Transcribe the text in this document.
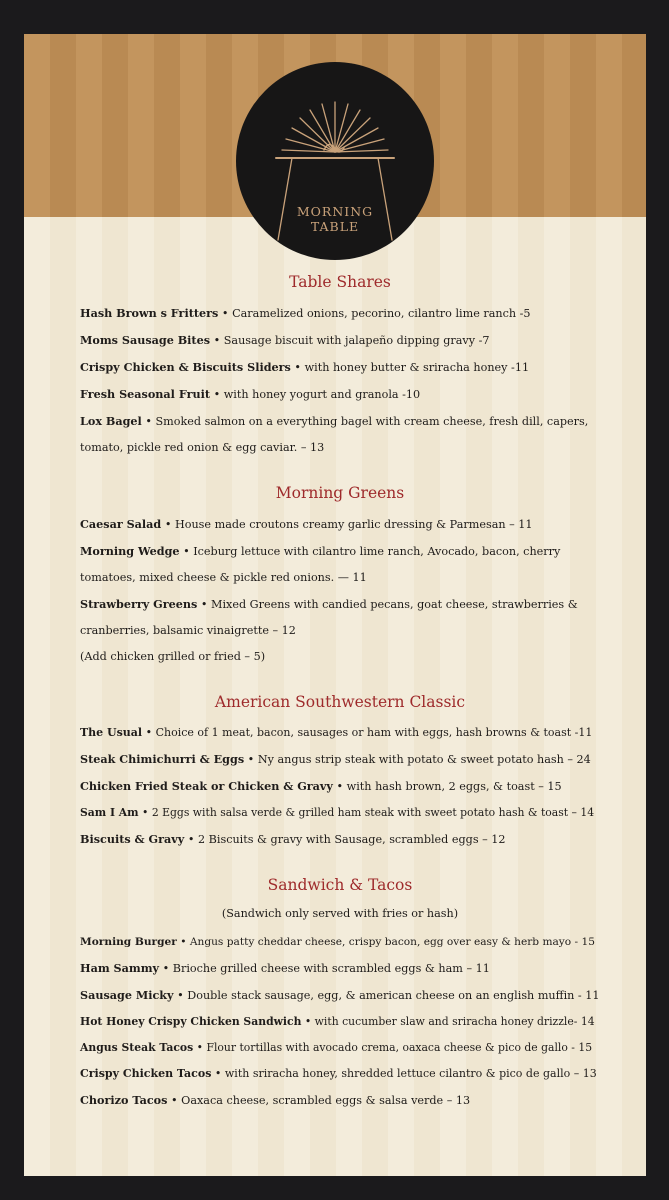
MORNING
TABLE
Table Shares
Hash Brown s Fritters • Caramelized onions, pecorino, cilantro lime ranch -5
Moms Sausage Bites • Sausage biscuit with jalapeño dipping gravy -7
Crispy Chicken & Biscuits Sliders • with honey butter & sriracha honey -11
Fresh Seasonal Fruit • with honey yogurt and granola -10
Lox Bagel • Smoked salmon on a everything bagel with cream cheese, fresh dill, capers, tomato, pickle red onion & egg caviar. – 13
Morning Greens
Caesar Salad • House made croutons creamy garlic dressing & Parmesan – 11
Morning Wedge • Iceburg lettuce with cilantro lime ranch, Avocado, bacon, cherry tomatoes, mixed cheese & pickle red onions. — 11
Strawberry Greens • Mixed Greens with candied pecans, goat cheese, strawberries & cranberries, balsamic vinaigrette – 12
(Add chicken grilled or fried – 5)
American Southwestern Classic
The Usual • Choice of 1 meat, bacon, sausages or ham with eggs, hash browns & toast -11
Steak Chimichurri & Eggs • Ny angus strip steak with potato & sweet potato hash – 24
Chicken Fried Steak or Chicken & Gravy • with hash brown, 2 eggs, & toast – 15
Sam I Am • 2 Eggs with salsa verde & grilled ham steak with sweet potato hash & toast – 14
Biscuits & Gravy • 2 Biscuits & gravy with Sausage, scrambled eggs – 12
Sandwich & Tacos
(Sandwich only served with fries or hash)
Morning Burger • Angus patty cheddar cheese, crispy bacon, egg over easy & herb mayo - 15
Ham Sammy • Brioche grilled cheese with scrambled eggs & ham – 11
Sausage Micky • Double stack sausage, egg, & american cheese on an english muffin - 11
Hot Honey Crispy Chicken Sandwich • with cucumber slaw and sriracha honey drizzle- 14
Angus Steak Tacos • Flour tortillas with avocado crema, oaxaca cheese & pico de gallo - 15
Crispy Chicken Tacos • with sriracha honey, shredded lettuce cilantro & pico de gallo – 13
Chorizo Tacos • Oaxaca cheese, scrambled eggs & salsa verde – 13
